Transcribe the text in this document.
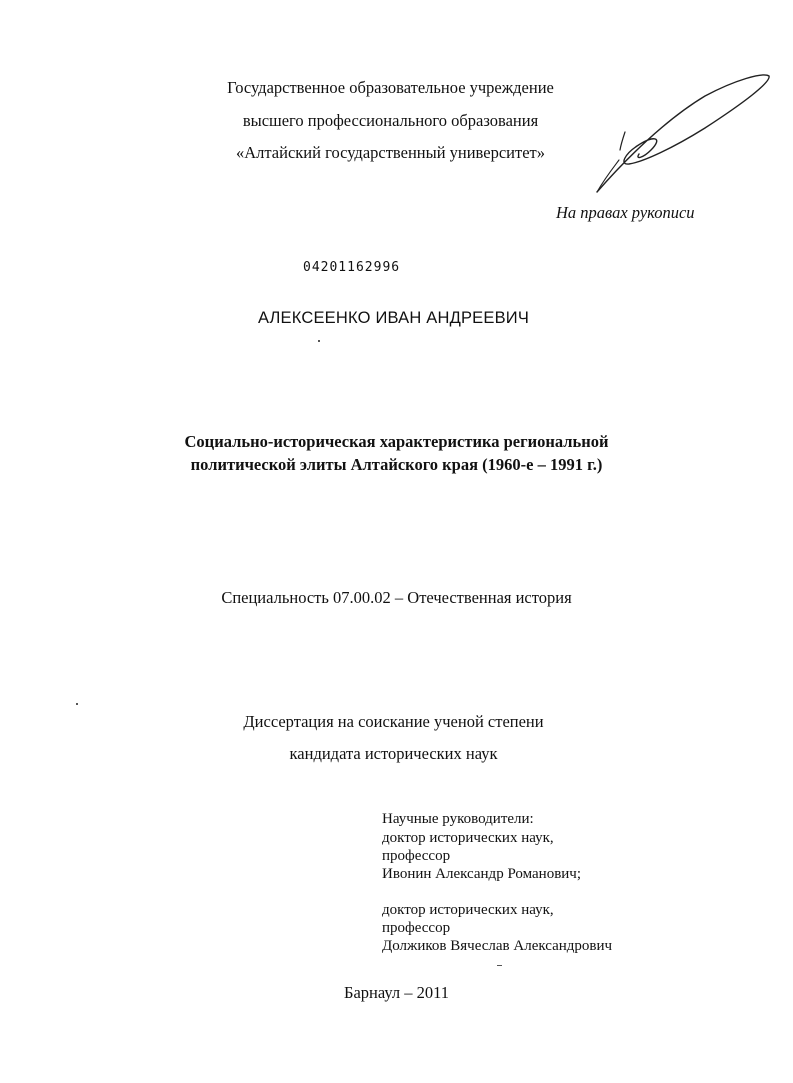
Государственное образовательное учреждение
высшего профессионального образования
«Алтайский государственный университет»
На правах рукописи
04201162996
АЛЕКСЕЕНКО ИВАН АНДРЕЕВИЧ
Социально-историческая характеристика региональной
политической элиты Алтайского края (1960-е – 1991 г.)
Специальность 07.00.02 – Отечественная история
Диссертация на соискание ученой степени
кандидата исторических наук
Научные руководители:
доктор исторических наук,
профессор
Ивонин Александр Романович;
доктор исторических наук,
профессор
Должиков Вячеслав Александрович
Барнаул – 2011
